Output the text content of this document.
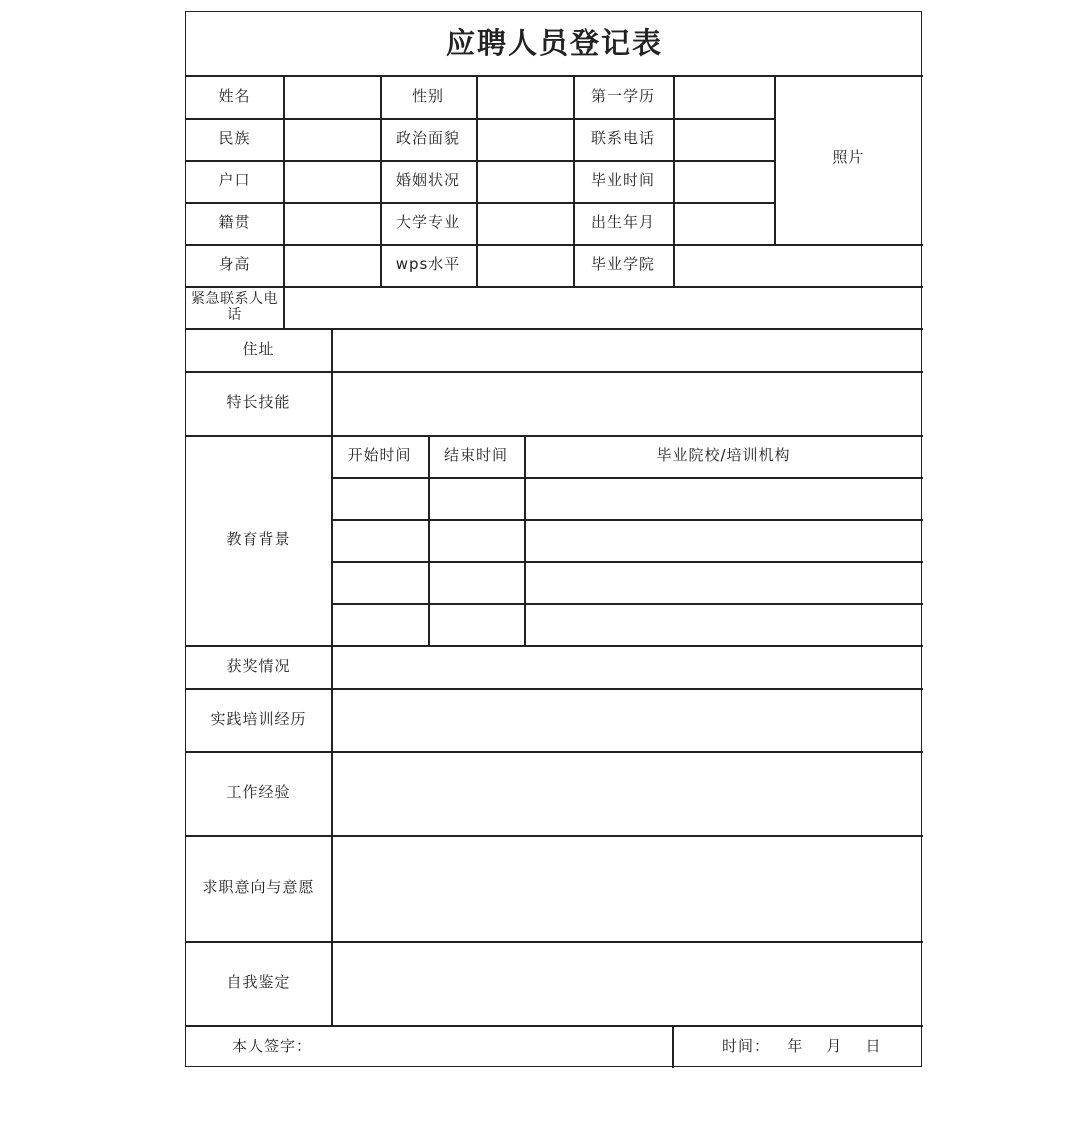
应聘人员登记表
姓名	性别	第一学历
照片
民族	政治面貌	联系电话
户口	婚姻状况	毕业时间
籍贯	大学专业	出生年月
身高	wps水平	毕业学院
紧急联系人电话
住址
特长技能
教育背景
开始时间	结束时间	毕业院校/培训机构
获奖情况
实践培训经历
工作经验
求职意向与意愿
自我鉴定
本人签字：	时间：   年    月    日
